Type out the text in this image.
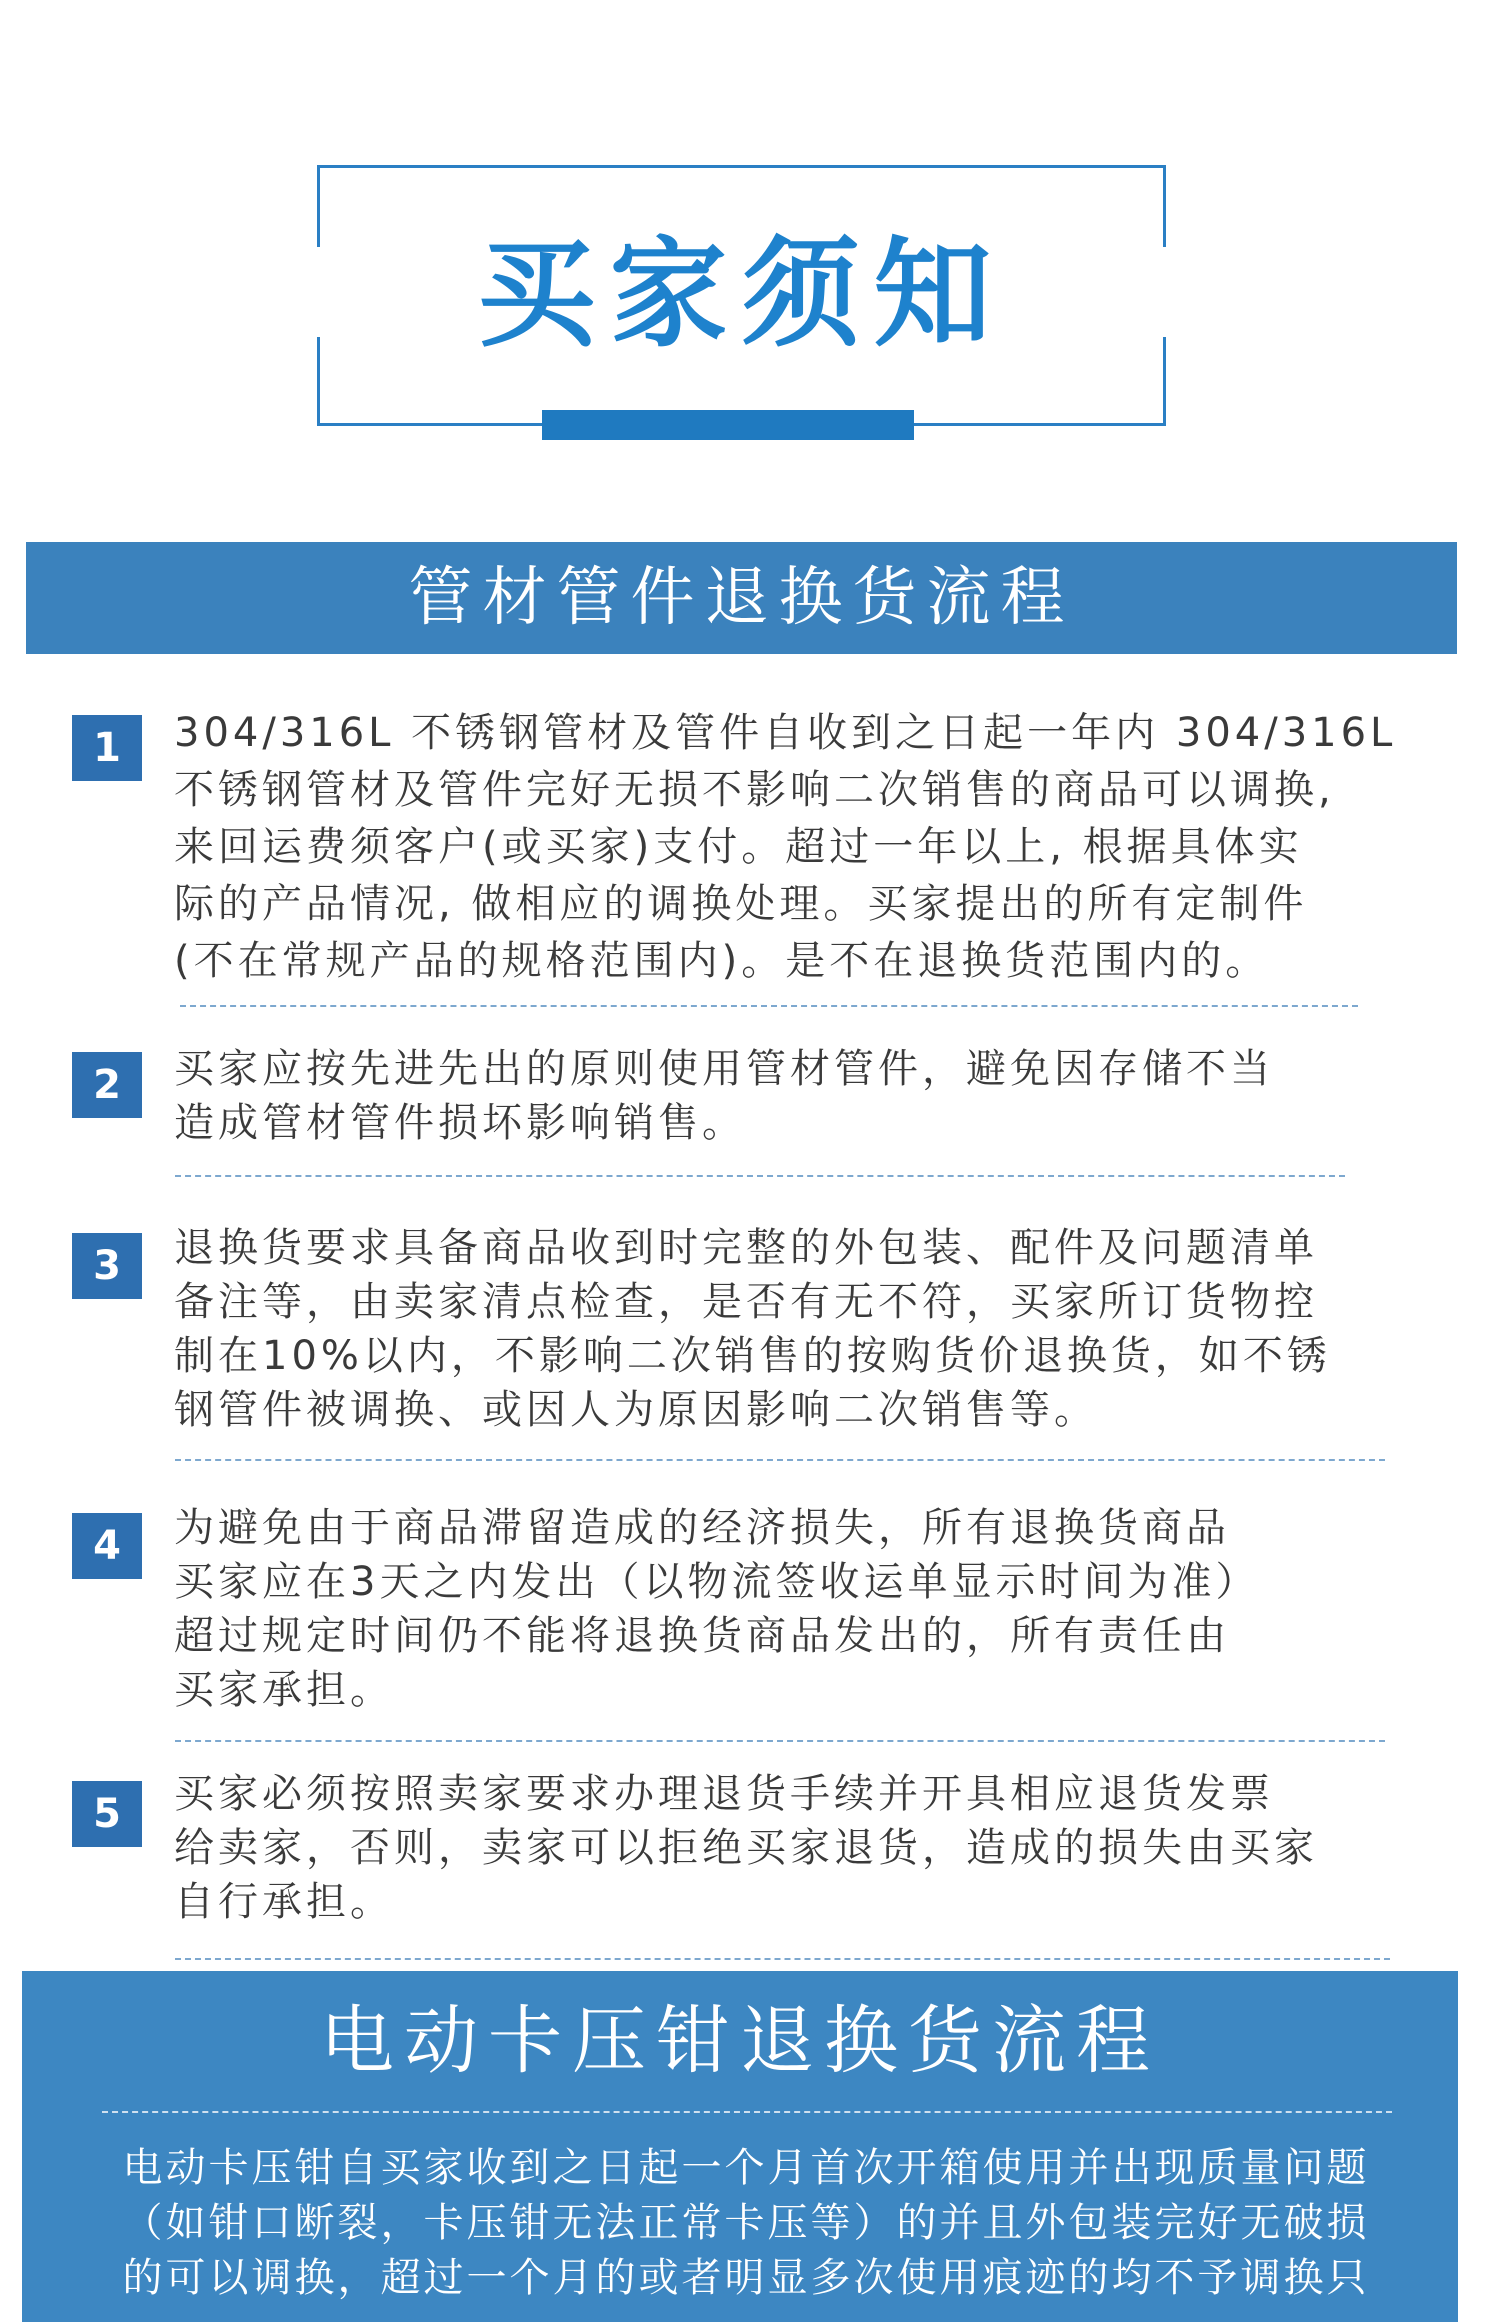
买家须知
管材管件退换货流程
1	304/316L 不锈钢管材及管件自收到之日起一年内 304/316L
不锈钢管材及管件完好无损不影响二次销售的商品可以调换,
来回运费须客户(或买家)支付。超过一年以上, 根据具体实
际的产品情况, 做相应的调换处理。买家提出的所有定制件
(不在常规产品的规格范围内)。是不在退换货范围内的。
2	买家应按先进先出的原则使用管材管件，避免因存储不当
造成管材管件损坏影响销售。
3	退换货要求具备商品收到时完整的外包装、配件及问题清单
备注等，由卖家清点检查，是否有无不符，买家所订货物控
制在10%以内，不影响二次销售的按购货价退换货，如不锈
钢管件被调换、或因人为原因影响二次销售等。
4	为避免由于商品滞留造成的经济损失，所有退换货商品
买家应在3天之内发出（以物流签收运单显示时间为准）
超过规定时间仍不能将退换货商品发出的，所有责任由
买家承担。
5	买家必须按照卖家要求办理退货手续并开具相应退货发票
给卖家，否则，卖家可以拒绝买家退货，造成的损失由买家
自行承担。
电动卡压钳退换货流程
电动卡压钳自买家收到之日起一个月首次开箱使用并出现质量问题
（如钳口断裂，卡压钳无法正常卡压等）的并且外包装完好无破损
的可以调换，超过一个月的或者明显多次使用痕迹的均不予调换只
